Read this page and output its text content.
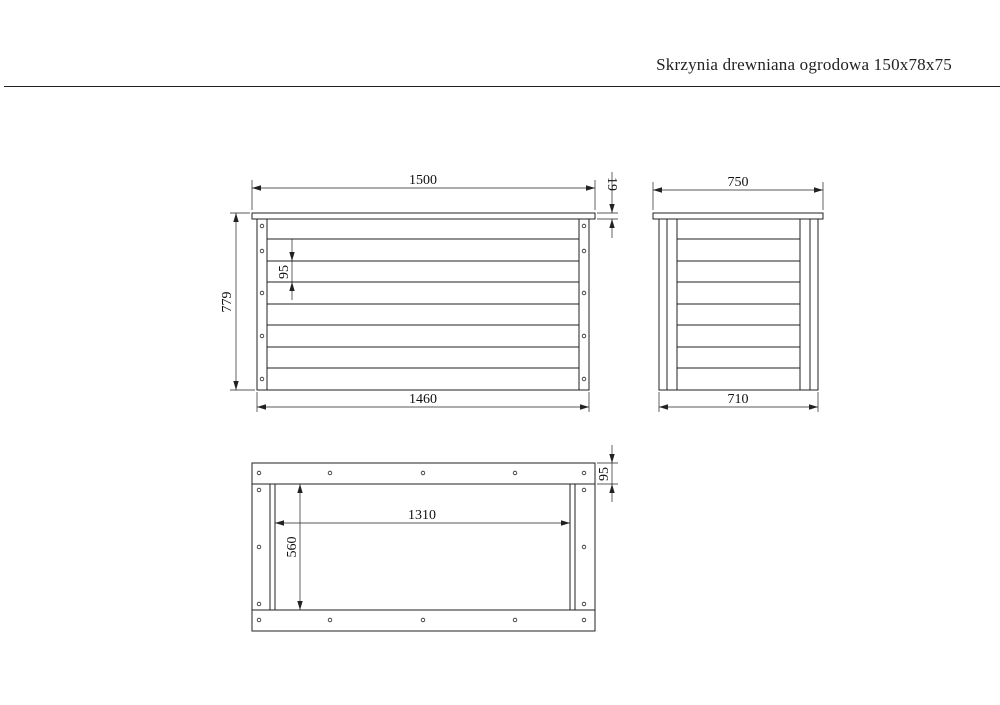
Skrzynia drewniana ogrodowa 150x78x75
1500	19
779
95
1460
750
710
95
1310
560
